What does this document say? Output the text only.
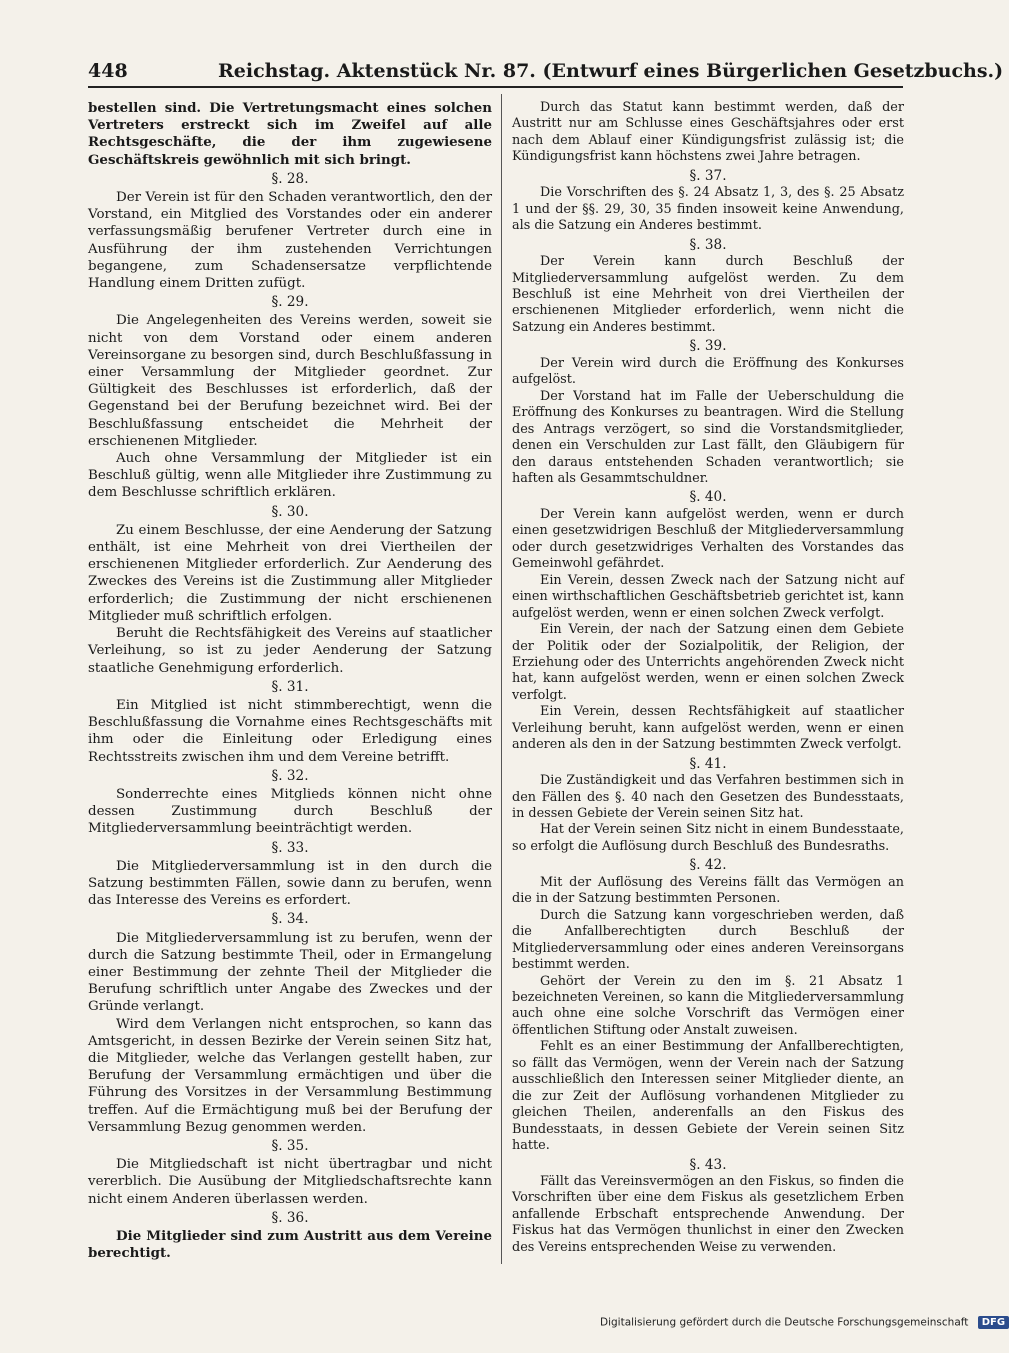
448	Reichstag. Aktenstück Nr. 87. (Entwurf eines Bürgerlichen Gesetzbuchs.)

bestellen sind. Die Vertretungsmacht eines solchen Vertreters erstreckt sich im Zweifel auf alle Rechtsgeschäfte, die der ihm zugewiesene Geschäftskreis gewöhnlich mit sich bringt.

§. 28.

Der Verein ist für den Schaden verantwortlich, den der Vorstand, ein Mitglied des Vorstandes oder ein anderer verfassungsmäßig berufener Vertreter durch eine in Ausführung der ihm zustehenden Verrichtungen begangene, zum Schadensersatze verpflichtende Handlung einem Dritten zufügt.

§. 29.

Die Angelegenheiten des Vereins werden, soweit sie nicht von dem Vorstand oder einem anderen Vereinsorgane zu besorgen sind, durch Beschlußfassung in einer Versammlung der Mitglieder geordnet. Zur Gültigkeit des Beschlusses ist erforderlich, daß der Gegenstand bei der Berufung bezeichnet wird. Bei der Beschlußfassung entscheidet die Mehrheit der erschienenen Mitglieder.

Auch ohne Versammlung der Mitglieder ist ein Beschluß gültig, wenn alle Mitglieder ihre Zustimmung zu dem Beschlusse schriftlich erklären.

§. 30.

Zu einem Beschlusse, der eine Aenderung der Satzung enthält, ist eine Mehrheit von drei Viertheilen der erschienenen Mitglieder erforderlich. Zur Aenderung des Zweckes des Vereins ist die Zustimmung aller Mitglieder erforderlich; die Zustimmung der nicht erschienenen Mitglieder muß schriftlich erfolgen.

Beruht die Rechtsfähigkeit des Vereins auf staatlicher Verleihung, so ist zu jeder Aenderung der Satzung staatliche Genehmigung erforderlich.

§. 31.

Ein Mitglied ist nicht stimmberechtigt, wenn die Beschlußfassung die Vornahme eines Rechtsgeschäfts mit ihm oder die Einleitung oder Erledigung eines Rechtsstreits zwischen ihm und dem Vereine betrifft.

§. 32.

Sonderrechte eines Mitglieds können nicht ohne dessen Zustimmung durch Beschluß der Mitgliederversammlung beeinträchtigt werden.

§. 33.

Die Mitgliederversammlung ist in den durch die Satzung bestimmten Fällen, sowie dann zu berufen, wenn das Interesse des Vereins es erfordert.

§. 34.

Die Mitgliederversammlung ist zu berufen, wenn der durch die Satzung bestimmte Theil, oder in Ermangelung einer Bestimmung der zehnte Theil der Mitglieder die Berufung schriftlich unter Angabe des Zweckes und der Gründe verlangt.

Wird dem Verlangen nicht entsprochen, so kann das Amtsgericht, in dessen Bezirke der Verein seinen Sitz hat, die Mitglieder, welche das Verlangen gestellt haben, zur Berufung der Versammlung ermächtigen und über die Führung des Vorsitzes in der Versammlung Bestimmung treffen. Auf die Ermächtigung muß bei der Berufung der Versammlung Bezug genommen werden.

§. 35.

Die Mitgliedschaft ist nicht übertragbar und nicht vererblich. Die Ausübung der Mitgliedschaftsrechte kann nicht einem Anderen überlassen werden.

§. 36.

Die Mitglieder sind zum Austritt aus dem Vereine berechtigt.

Durch das Statut kann bestimmt werden, daß der Austritt nur am Schlusse eines Geschäftsjahres oder erst nach dem Ablauf einer Kündigungsfrist zulässig ist; die Kündigungsfrist kann höchstens zwei Jahre betragen.

§. 37.

Die Vorschriften des §. 24 Absatz 1, 3, des §. 25 Absatz 1 und der §§. 29, 30, 35 finden insoweit keine Anwendung, als die Satzung ein Anderes bestimmt.

§. 38.

Der Verein kann durch Beschluß der Mitgliederversammlung aufgelöst werden. Zu dem Beschluß ist eine Mehrheit von drei Viertheilen der erschienenen Mitglieder erforderlich, wenn nicht die Satzung ein Anderes bestimmt.

§. 39.

Der Verein wird durch die Eröffnung des Konkurses aufgelöst.

Der Vorstand hat im Falle der Ueberschuldung die Eröffnung des Konkurses zu beantragen. Wird die Stellung des Antrags verzögert, so sind die Vorstandsmitglieder, denen ein Verschulden zur Last fällt, den Gläubigern für den daraus entstehenden Schaden verantwortlich; sie haften als Gesammtschuldner.

§. 40.

Der Verein kann aufgelöst werden, wenn er durch einen gesetzwidrigen Beschluß der Mitgliederversammlung oder durch gesetzwidriges Verhalten des Vorstandes das Gemeinwohl gefährdet.

Ein Verein, dessen Zweck nach der Satzung nicht auf einen wirthschaftlichen Geschäftsbetrieb gerichtet ist, kann aufgelöst werden, wenn er einen solchen Zweck verfolgt.

Ein Verein, der nach der Satzung einen dem Gebiete der Politik oder der Sozialpolitik, der Religion, der Erziehung oder des Unterrichts angehörenden Zweck nicht hat, kann aufgelöst werden, wenn er einen solchen Zweck verfolgt.

Ein Verein, dessen Rechtsfähigkeit auf staatlicher Verleihung beruht, kann aufgelöst werden, wenn er einen anderen als den in der Satzung bestimmten Zweck verfolgt.

§. 41.

Die Zuständigkeit und das Verfahren bestimmen sich in den Fällen des §. 40 nach den Gesetzen des Bundesstaats, in dessen Gebiete der Verein seinen Sitz hat.

Hat der Verein seinen Sitz nicht in einem Bundesstaate, so erfolgt die Auflösung durch Beschluß des Bundesraths.

§. 42.

Mit der Auflösung des Vereins fällt das Vermögen an die in der Satzung bestimmten Personen.

Durch die Satzung kann vorgeschrieben werden, daß die Anfallberechtigten durch Beschluß der Mitgliederversammlung oder eines anderen Vereinsorgans bestimmt werden.

Gehört der Verein zu den im §. 21 Absatz 1 bezeichneten Vereinen, so kann die Mitgliederversammlung auch ohne eine solche Vorschrift das Vermögen einer öffentlichen Stiftung oder Anstalt zuweisen.

Fehlt es an einer Bestimmung der Anfallberechtigten, so fällt das Vermögen, wenn der Verein nach der Satzung ausschließlich den Interessen seiner Mitglieder diente, an die zur Zeit der Auflösung vorhandenen Mitglieder zu gleichen Theilen, anderenfalls an den Fiskus des Bundesstaats, in dessen Gebiete der Verein seinen Sitz hatte.

§. 43.

Fällt das Vereinsvermögen an den Fiskus, so finden die Vorschriften über eine dem Fiskus als gesetzlichem Erben anfallende Erbschaft entsprechende Anwendung. Der Fiskus hat das Vermögen thunlichst in einer den Zwecken des Vereins entsprechenden Weise zu verwenden.

Digitalisierung gefördert durch die Deutsche Forschungsgemeinschaft DFG
